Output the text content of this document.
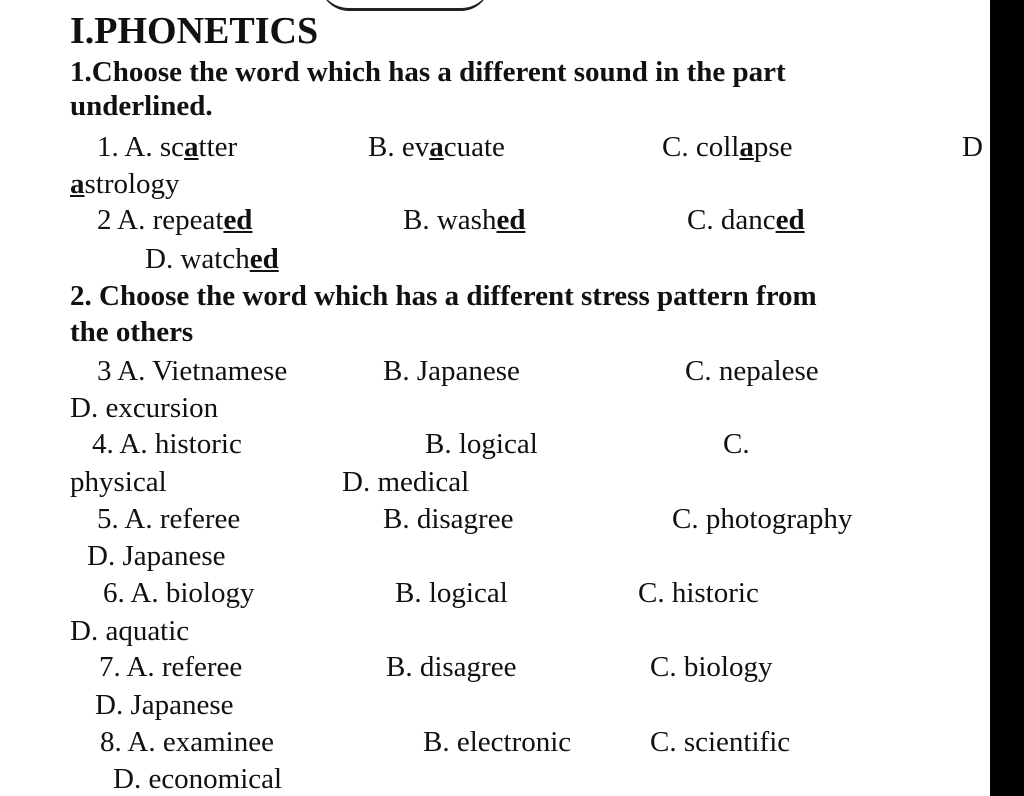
I.PHONETICS
1.Choose the word which has a different sound in the part
underlined.
1. A. scatter	B. evacuate	C. collapse	D
astrology
2 A. repeated	B. washed	C. danced
D. watched
2. Choose the word which has a different stress pattern from
the others
3 A. Vietnamese	B. Japanese	C. nepalese
D. excursion
4. A. historic	B. logical	C.
physical	D. medical
5. A. referee	B. disagree	C. photography
D. Japanese
6. A. biology	B. logical	C. historic
D. aquatic
7. A. referee	B. disagree	C. biology
D. Japanese
8. A. examinee	B. electronic	C. scientific
D. economical
